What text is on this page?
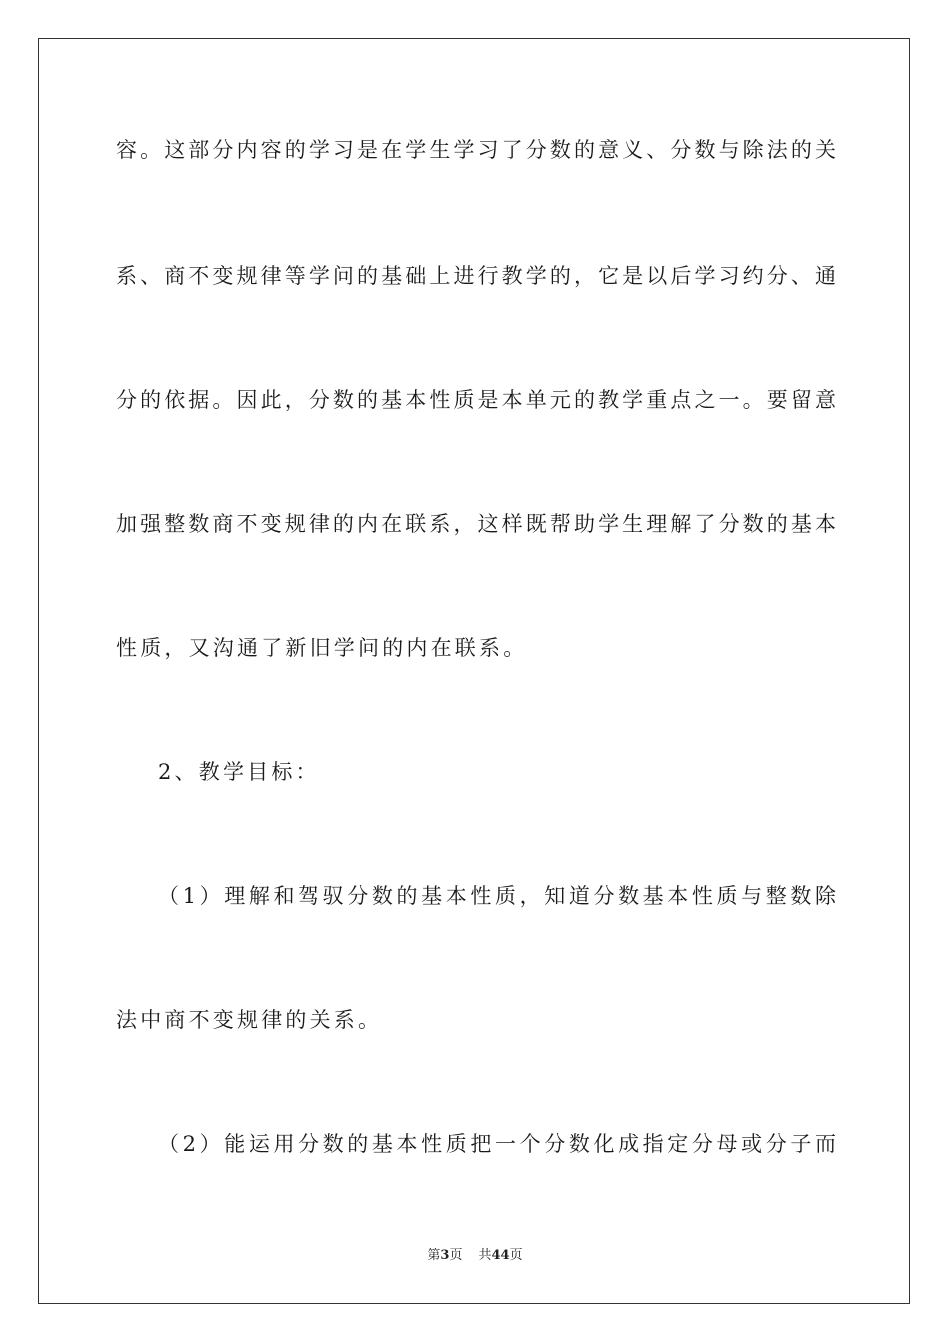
容。这部分内容的学习是在学生学习了分数的意义、分数与除法的关
系、商不变规律等学问的基础上进行教学的，它是以后学习约分、通
分的依据。因此，分数的基本性质是本单元的教学重点之一。要留意
加强整数商不变规律的内在联系，这样既帮助学生理解了分数的基本
性质，又沟通了新旧学问的内在联系。
2、教学目标：
（1）理解和驾驭分数的基本性质，知道分数基本性质与整数除
法中商不变规律的关系。
（2）能运用分数的基本性质把一个分数化成指定分母或分子而
第3页 共44页
